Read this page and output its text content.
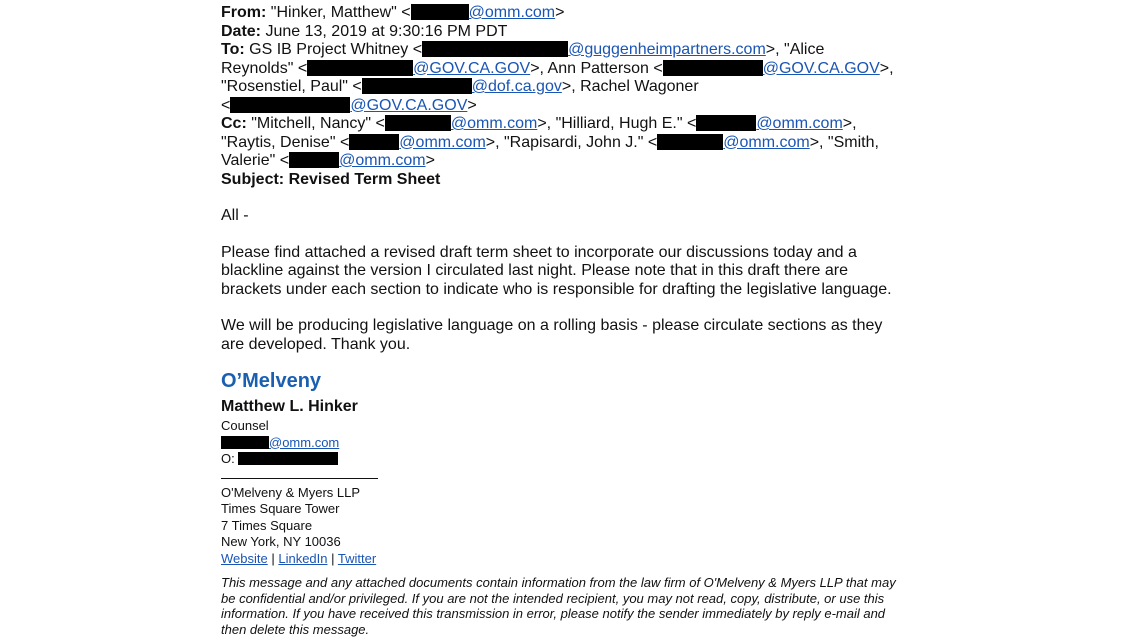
From: "Hinker, Matthew" <	@omm.com>
Date: June 13, 2019 at 9:30:16 PM PDT
To: GS IB Project Whitney <	@guggenheimpartners.com>, "Alice
Reynolds" <	@GOV.CA.GOV>, Ann Patterson <	@GOV.CA.GOV>,
"Rosenstiel, Paul" <	@dof.ca.gov>, Rachel Wagoner
<	@GOV.CA.GOV>
Cc: "Mitchell, Nancy" <	@omm.com>, "Hilliard, Hugh E." <	@omm.com>,
"Raytis, Denise" <	@omm.com>, "Rapisardi, John J." <	@omm.com>, "Smith,
Valerie" <	@omm.com>
Subject: Revised Term Sheet
All -
Please find attached a revised draft term sheet to incorporate our discussions today and a
blackline against the version I circulated last night. Please note that in this draft there are
brackets under each section to indicate who is responsible for drafting the legislative language.
We will be producing legislative language on a rolling basis - please circulate sections as they
are developed. Thank you.
O’Melveny
Matthew L. Hinker
Counsel
@omm.com
O:
O'Melveny & Myers LLP
Times Square Tower
7 Times Square
New York, NY 10036
Website | LinkedIn | Twitter
This message and any attached documents contain information from the law firm of O'Melveny & Myers LLP that may
be confidential and/or privileged. If you are not the intended recipient, you may not read, copy, distribute, or use this
information. If you have received this transmission in error, please notify the sender immediately by reply e-mail and
then delete this message.
